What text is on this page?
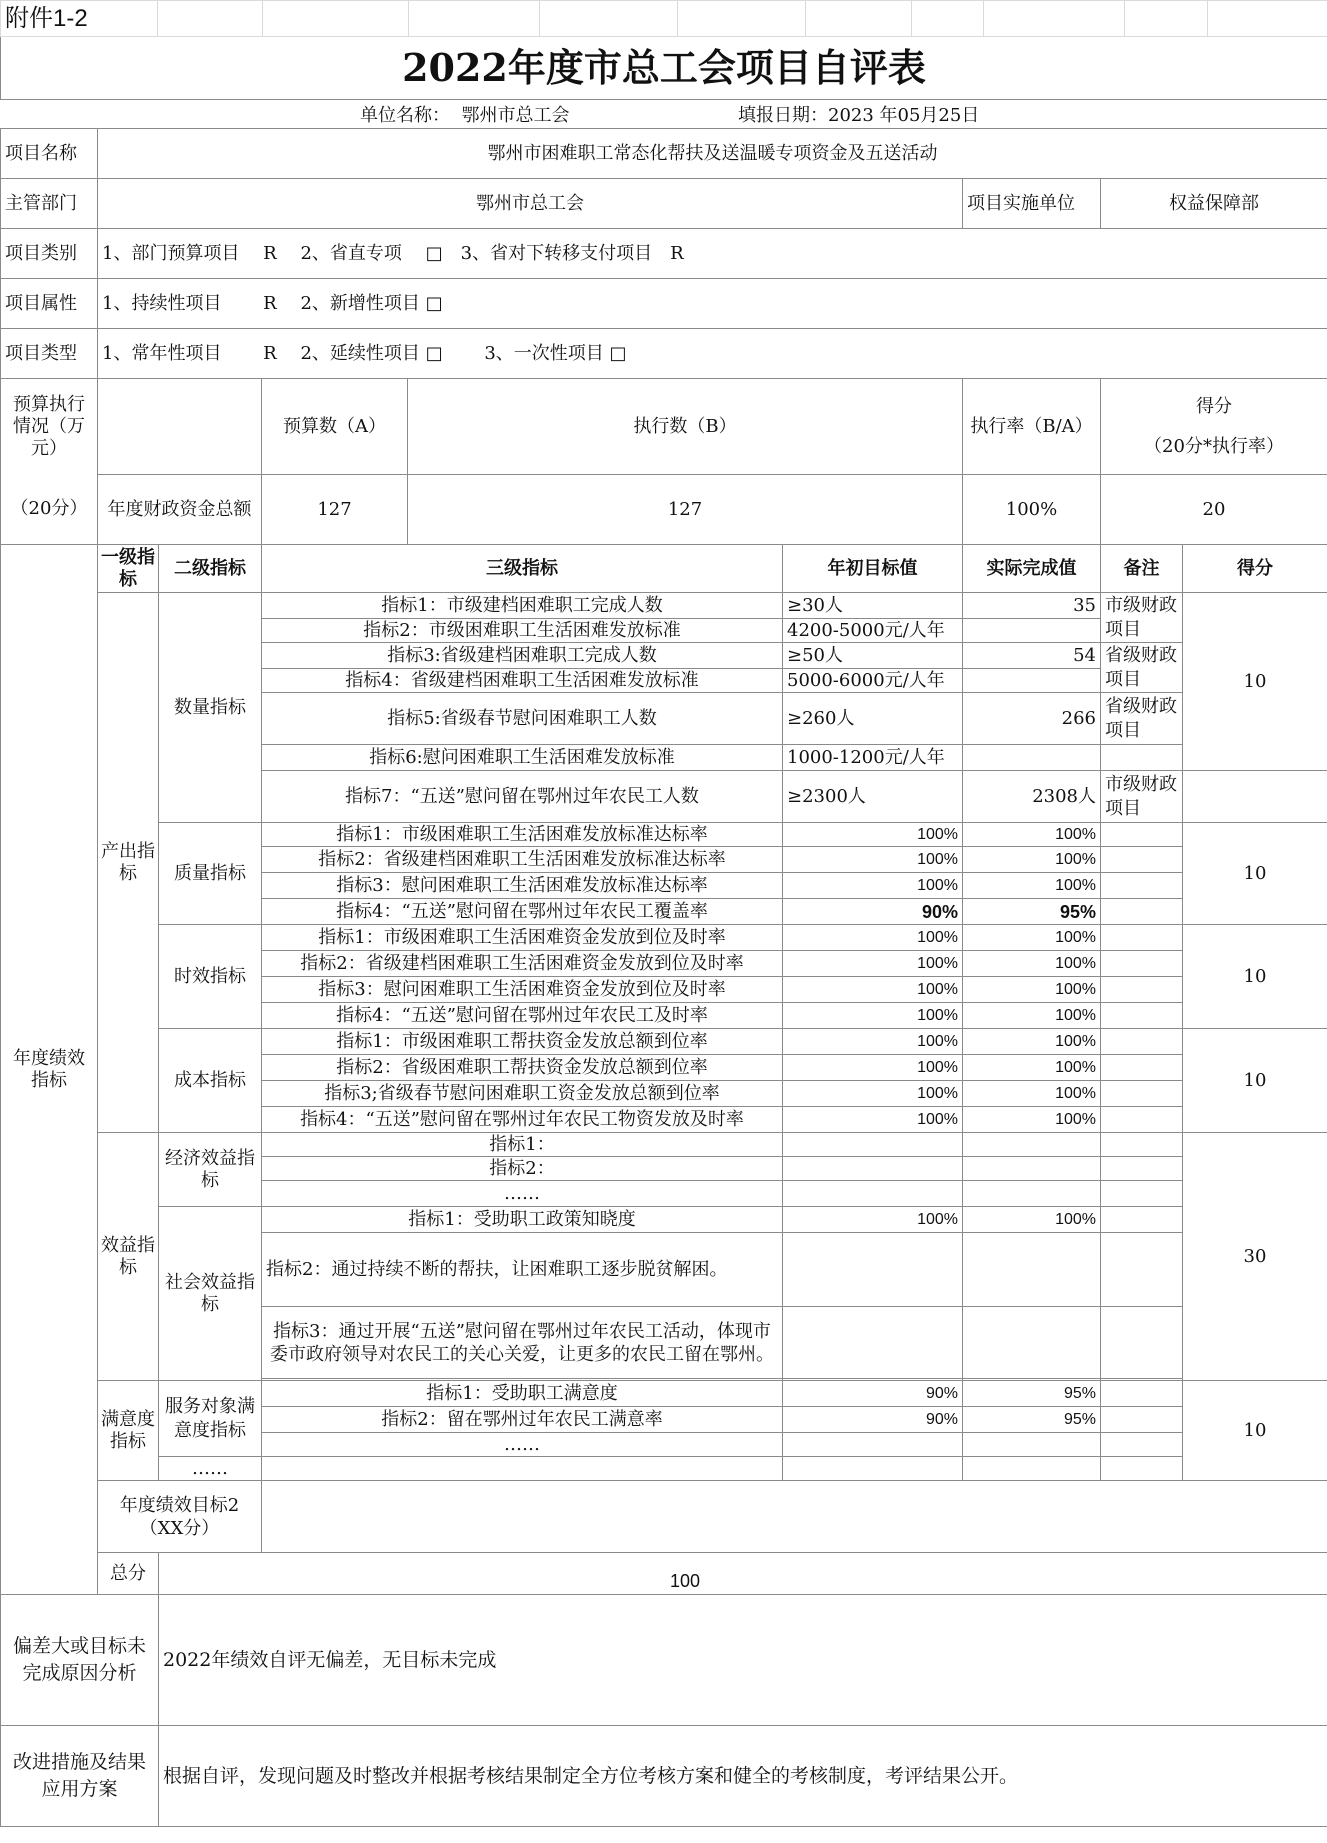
附件1-2										
2022年度市总工会项目自评表
单位名称： 鄂州市总工会	填报日期：2023 年05月25日
项目名称	鄂州市困难职工常态化帮扶及送温暖专项资金及五送活动							
主管部门	鄂州市总工会					项目实施单位	权益保障部	
项目类别	1、部门预算项目　 R　 2、省直专项　 □　3、省对下转移支付项目　R							
项目属性	1、持续性项目　　 R　 2、新增性项目 □							
项目类型	1、常年性项目　　 R　 2、延续性项目 □　　 3、一次性项目 □							
预算执行情况（万元）			预算数（A）	执行数（B）		执行率（B/A）	得分
（20分*执行率）	

（20分）	年度财政资金总额		127	127		100%	20	
年度绩效指标	一级指标	二级指标	三级指标		年初目标值	实际完成值	备注	得分
	产出指标	数量指标	指标1：市级建档困难职工完成人数		≥30人	35	市级财政项目	10
			指标2：市级困难职工生活困难发放标准		4200-5000元/人年			
			指标3:省级建档困难职工完成人数		≥50人	54	省级财政项目	
			指标4：省级建档困难职工生活困难发放标准		5000-6000元/人年			
			指标5:省级春节慰问困难职工人数		≥260人	266	省级财政项目	
			指标6:慰问困难职工生活困难发放标准		1000-1200元/人年			
			指标7：“五送”慰问留在鄂州过年农民工人数		≥2300人	2308人	市级财政项目	
		质量指标	指标1：市级困难职工生活困难发放标准达标率		100%	100%		10
			指标2：省级建档困难职工生活困难发放标准达标率		100%	100%		
			指标3：慰问困难职工生活困难发放标准达标率		100%	100%		
			指标4：“五送”慰问留在鄂州过年农民工覆盖率		90%	95%		
		时效指标	指标1：市级困难职工生活困难资金发放到位及时率		100%	100%		10
			指标2：省级建档困难职工生活困难资金发放到位及时率		100%	100%		
			指标3：慰问困难职工生活困难资金发放到位及时率		100%	100%		
			指标4：“五送”慰问留在鄂州过年农民工及时率		100%	100%		
		成本指标	指标1：市级困难职工帮扶资金发放总额到位率		100%	100%		10
			指标2：省级困难职工帮扶资金发放总额到位率		100%	100%		
			指标3;省级春节慰问困难职工资金发放总额到位率		100%	100%		
			指标4：“五送”慰问留在鄂州过年农民工物资发放及时率		100%	100%		
	效益指标	经济效益指标	指标1：					30
			指标2：					
			……					
		社会效益指标	指标1：受助职工政策知晓度		100%	100%		
			指标2：通过持续不断的帮扶，让困难职工逐步脱贫解困。					
			指标3：通过开展“五送”慰问留在鄂州过年农民工活动，体现市委市政府领导对农民工的关心关爱，让更多的农民工留在鄂州。					

	满意度指标	服务对象满意度指标	指标1：受助职工满意度		90%	95%		10
			指标2：留在鄂州过年农民工满意率		90%	95%		
			……					
		……						
	年度绩效目标2（XX分）							
	总分	100						
偏差大或目标未完成原因分析		2022年绩效自评无偏差，无目标未完成						
改进措施及结果应用方案		根据自评，发现问题及时整改并根据考核结果制定全方位考核方案和健全的考核制度，考评结果公开。						
